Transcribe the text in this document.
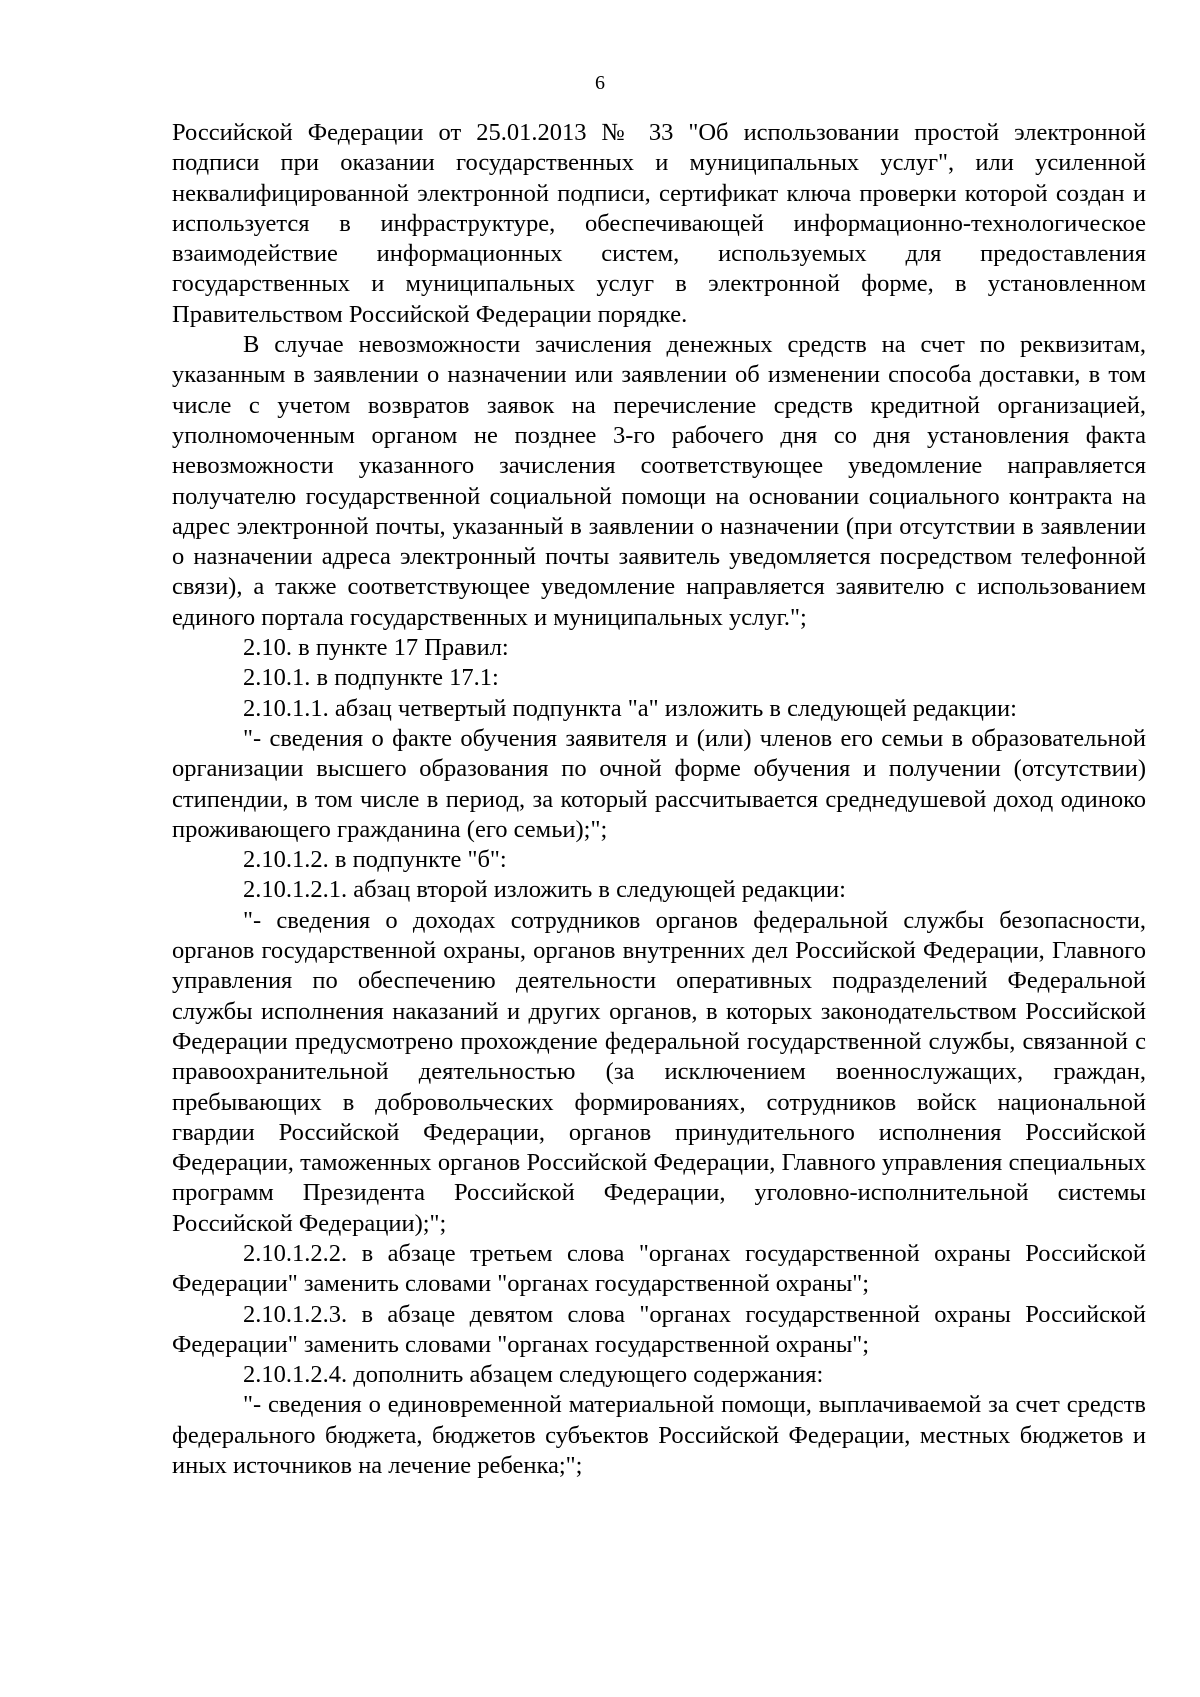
6

Российской Федерации от 25.01.2013 № 33 "Об использовании простой электронной подписи при оказании государственных и муниципальных услуг", или усиленной неквалифицированной электронной подписи, сертификат ключа проверки которой создан и используется в инфраструктуре, обеспечивающей информационно-технологическое взаимодействие информационных систем, используемых для предоставления государственных и муниципальных услуг в электронной форме, в установленном Правительством Российской Федерации порядке.

В случае невозможности зачисления денежных средств на счет по реквизитам, указанным в заявлении о назначении или заявлении об изменении способа доставки, в том числе с учетом возвратов заявок на перечисление средств кредитной организацией, уполномоченным органом не позднее 3-го рабочего дня со дня установления факта невозможности указанного зачисления соответствующее уведомление направляется получателю государственной социальной помощи на основании социального контракта на адрес электронной почты, указанный в заявлении о назначении (при отсутствии в заявлении о назначении адреса электронный почты заявитель уведомляется посредством телефонной связи), а также соответствующее уведомление направляется заявителю с использованием единого портала государственных и муниципальных услуг.";

2.10. в пункте 17 Правил:

2.10.1. в подпункте 17.1:

2.10.1.1. абзац четвертый подпункта "а" изложить в следующей редакции:

"- сведения о факте обучения заявителя и (или) членов его семьи в образовательной организации высшего образования по очной форме обучения и получении (отсутствии) стипендии, в том числе в период, за который рассчитывается среднедушевой доход одиноко проживающего гражданина (его семьи);";

2.10.1.2. в подпункте "б":

2.10.1.2.1. абзац второй изложить в следующей редакции:

"- сведения о доходах сотрудников органов федеральной службы безопасности, органов государственной охраны, органов внутренних дел Российской Федерации, Главного управления по обеспечению деятельности оперативных подразделений Федеральной службы исполнения наказаний и других органов, в которых законодательством Российской Федерации предусмотрено прохождение федеральной государственной службы, связанной с правоохранительной деятельностью (за исключением военнослужащих, граждан, пребывающих в добровольческих формированиях, сотрудников войск национальной гвардии Российской Федерации, органов принудительного исполнения Российской Федерации, таможенных органов Российской Федерации, Главного управления специальных программ Президента Российской Федерации, уголовно-исполнительной системы Российской Федерации);";

2.10.1.2.2. в абзаце третьем слова "органах государственной охраны Российской Федерации" заменить словами "органах государственной охраны";

2.10.1.2.3. в абзаце девятом слова "органах государственной охраны Российской Федерации" заменить словами "органах государственной охраны";

2.10.1.2.4. дополнить абзацем следующего содержания:

"- сведения о единовременной материальной помощи, выплачиваемой за счет средств федерального бюджета, бюджетов субъектов Российской Федерации, местных бюджетов и иных источников на лечение ребенка;";
